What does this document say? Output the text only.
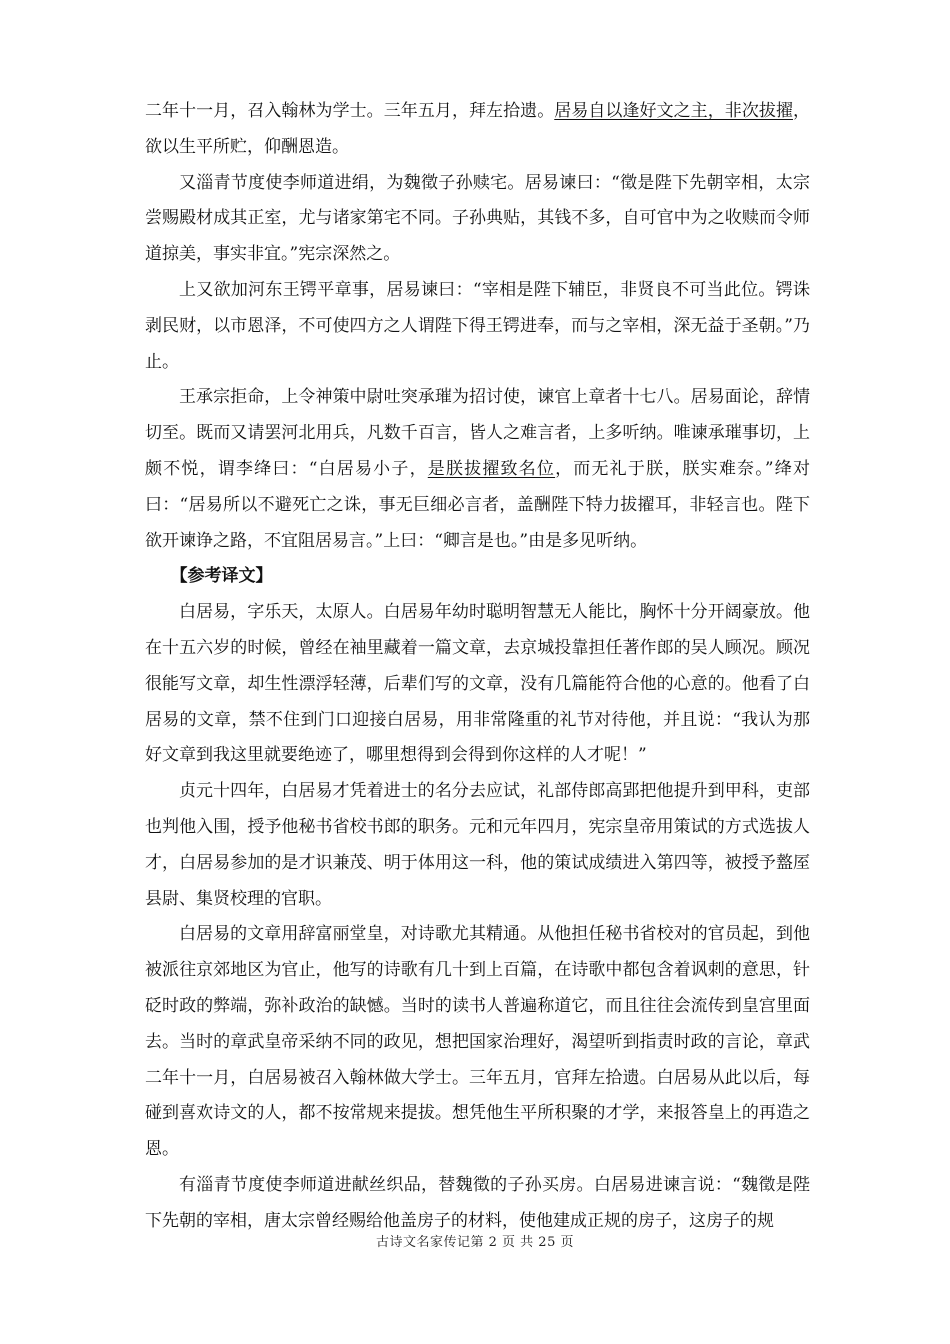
二年十一月，召入翰林为学士。三年五月，拜左拾遗。居易自以逢好文之主，非次拔擢，欲以生平所贮，仰酬恩造。

又淄青节度使李师道进绢，为魏徵子孙赎宅。居易谏曰：“徵是陛下先朝宰相，太宗尝赐殿材成其正室，尤与诸家第宅不同。子孙典贴，其钱不多，自可官中为之收赎而令师道掠美，事实非宜。”宪宗深然之。

上又欲加河东王锷平章事，居易谏曰：“宰相是陛下辅臣，非贤良不可当此位。锷诛剥民财，以市恩泽，不可使四方之人谓陛下得王锷进奉，而与之宰相，深无益于圣朝。”乃止。

王承宗拒命，上令神策中尉吐突承璀为招讨使，谏官上章者十七八。居易面论，辞情切至。既而又请罢河北用兵，凡数千百言，皆人之难言者，上多听纳。唯谏承璀事切，上颇不悦，谓李绛曰：“白居易小子，是朕拔擢致名位，而无礼于朕，朕实难奈。”绛对曰：“居易所以不避死亡之诛，事无巨细必言者，盖酬陛下特力拔擢耳，非轻言也。陛下欲开谏诤之路，不宜阻居易言。”上曰：“卿言是也。”由是多见听纳。

【参考译文】

白居易，字乐天，太原人。白居易年幼时聪明智慧无人能比，胸怀十分开阔豪放。他在十五六岁的时候，曾经在袖里藏着一篇文章，去京城投靠担任著作郎的吴人顾况。顾况很能写文章，却生性漂浮轻薄，后辈们写的文章，没有几篇能符合他的心意的。他看了白居易的文章，禁不住到门口迎接白居易，用非常隆重的礼节对待他，并且说：“我认为那好文章到我这里就要绝迹了，哪里想得到会得到你这样的人才呢！”

贞元十四年，白居易才凭着进士的名分去应试，礼部侍郎高郢把他提升到甲科，吏部也判他入围，授予他秘书省校书郎的职务。元和元年四月，宪宗皇帝用策试的方式选拔人才，白居易参加的是才识兼茂、明于体用这一科，他的策试成绩进入第四等，被授予盩厔县尉、集贤校理的官职。

白居易的文章用辞富丽堂皇，对诗歌尤其精通。从他担任秘书省校对的官员起，到他被派往京郊地区为官止，他写的诗歌有几十到上百篇，在诗歌中都包含着讽刺的意思，针砭时政的弊端，弥补政治的缺憾。当时的读书人普遍称道它，而且往往会流传到皇宫里面去。当时的章武皇帝采纳不同的政见，想把国家治理好，渴望听到指责时政的言论，章武二年十一月，白居易被召入翰林做大学士。三年五月，官拜左拾遗。白居易从此以后，每碰到喜欢诗文的人，都不按常规来提拔。想凭他生平所积聚的才学，来报答皇上的再造之恩。

有淄青节度使李师道进献丝织品，替魏徵的子孙买房。白居易进谏言说：“魏徵是陛下先朝的宰相，唐太宗曾经赐给他盖房子的材料，使他建成正规的房子，这房子的规

古诗文名家传记第 2 页 共 25 页
